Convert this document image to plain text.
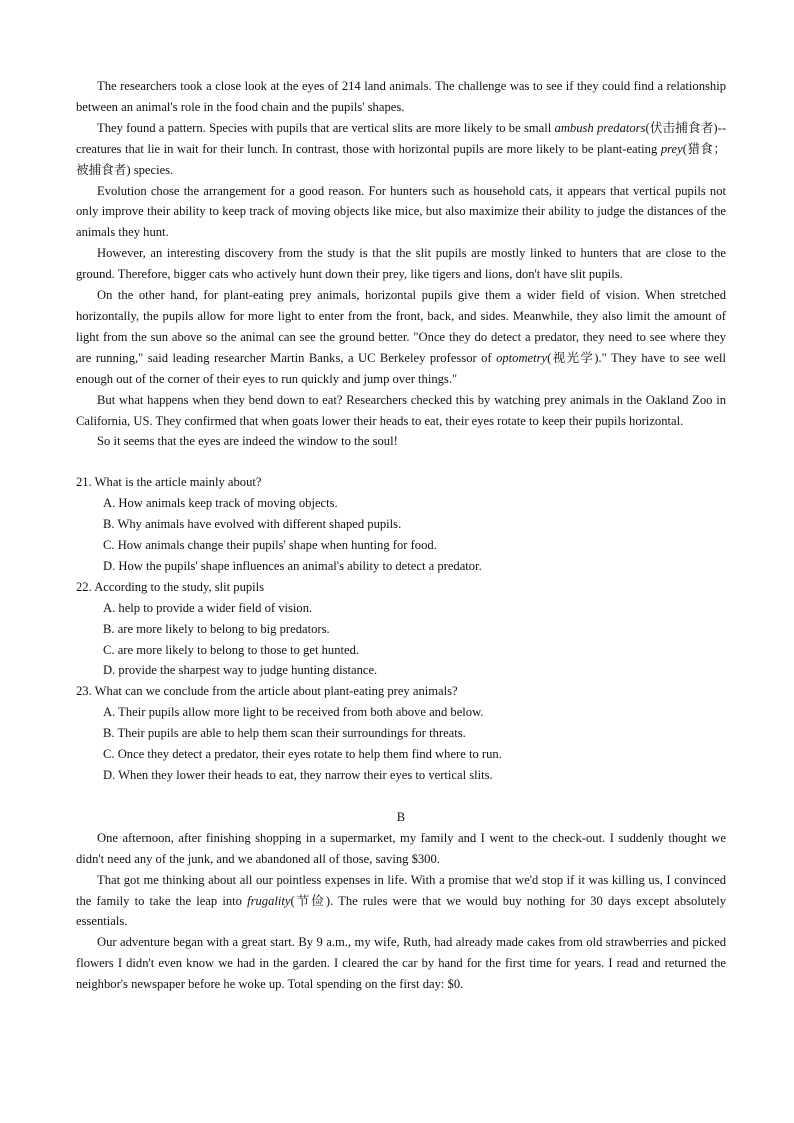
The researchers took a close look at the eyes of 214 land animals. The challenge was to see if they could find a relationship between an animal's role in the food chain and the pupils' shapes.

They found a pattern. Species with pupils that are vertical slits are more likely to be small ambush predators(伏击捕食者)--creatures that lie in wait for their lunch. In contrast, those with horizontal pupils are more likely to be plant-eating prey(猎食；被捕食者) species.

Evolution chose the arrangement for a good reason. For hunters such as household cats, it appears that vertical pupils not only improve their ability to keep track of moving objects like mice, but also maximize their ability to judge the distances of the animals they hunt.

However, an interesting discovery from the study is that the slit pupils are mostly linked to hunters that are close to the ground. Therefore, bigger cats who actively hunt down their prey, like tigers and lions, don't have slit pupils.

On the other hand, for plant-eating prey animals, horizontal pupils give them a wider field of vision. When stretched horizontally, the pupils allow for more light to enter from the front, back, and sides. Meanwhile, they also limit the amount of light from the sun above so the animal can see the ground better. "Once they do detect a predator, they need to see where they are running," said leading researcher Martin Banks, a UC Berkeley professor of optometry(视光学)." They have to see well enough out of the corner of their eyes to run quickly and jump over things."

But what happens when they bend down to eat? Researchers checked this by watching prey animals in the Oakland Zoo in California, US. They confirmed that when goats lower their heads to eat, their eyes rotate to keep their pupils horizontal.

So it seems that the eyes are indeed the window to the soul!

21. What is the article mainly about?

A. How animals keep track of moving objects.

B. Why animals have evolved with different shaped pupils.

C. How animals change their pupils' shape when hunting for food.

D. How the pupils' shape influences an animal's ability to detect a predator.

22. According to the study, slit pupils

A. help to provide a wider field of vision.

B. are more likely to belong to big predators.

C. are more likely to belong to those to get hunted.

D. provide the sharpest way to judge hunting distance.

23. What can we conclude from the article about plant-eating prey animals?

A. Their pupils allow more light to be received from both above and below.

B. Their pupils are able to help them scan their surroundings for threats.

C. Once they detect a predator, their eyes rotate to help them find where to run.

D. When they lower their heads to eat, they narrow their eyes to vertical slits.

B

One afternoon, after finishing shopping in a supermarket, my family and I went to the check-out. I suddenly thought we didn't need any of the junk, and we abandoned all of those, saving $300.

That got me thinking about all our pointless expenses in life. With a promise that we'd stop if it was killing us, I convinced the family to take the leap into frugality(节俭). The rules were that we would buy nothing for 30 days except absolutely essentials.

Our adventure began with a great start. By 9 a.m., my wife, Ruth, had already made cakes from old strawberries and picked flowers I didn't even know we had in the garden. I cleared the car by hand for the first time for years. I read and returned the neighbor's newspaper before he woke up. Total spending on the first day: $0.
